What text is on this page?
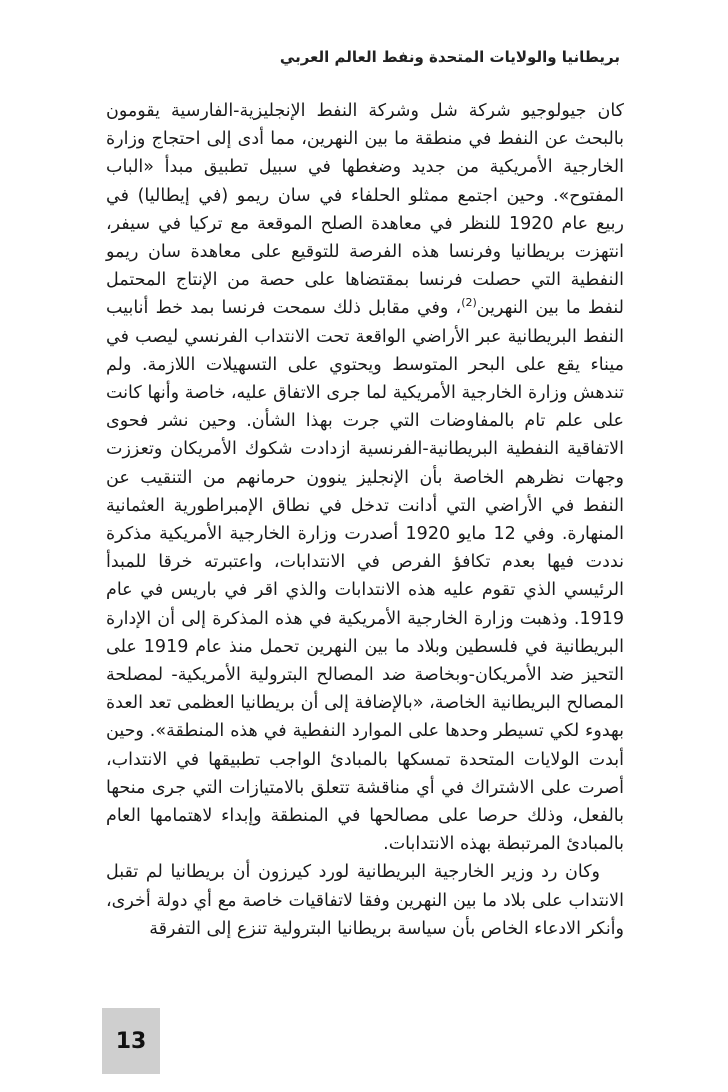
بريطانيا والولايات المتحدة ونفط العالم العربي

كان جيولوجيو شركة شل وشركة النفط الإنجليزية-الفارسية يقومون بالبحث عن النفط في منطقة ما بين النهرين، مما أدى إلى احتجاج وزارة الخارجية الأمريكية من جديد وضغطها في سبيل تطبيق مبدأ «الباب المفتوح». وحين اجتمع ممثلو الحلفاء في سان ريمو (في إيطاليا) في ربيع عام 1920 للنظر في معاهدة الصلح الموقعة مع تركيا في سيفر، انتهزت بريطانيا وفرنسا هذه الفرصة للتوقيع على معاهدة سان ريمو النفطية التي حصلت فرنسا بمقتضاها على حصة من الإنتاج المحتمل لنفط ما بين النهرين$^{(2)}$، وفي مقابل ذلك سمحت فرنسا بمد خط أنابيب النفط البريطانية عبر الأراضي الواقعة تحت الانتداب الفرنسي ليصب في ميناء يقع على البحر المتوسط ويحتوي على التسهيلات اللازمة. ولم تندهش وزارة الخارجية الأمريكية لما جرى الاتفاق عليه، خاصة وأنها كانت على علم تام بالمفاوضات التي جرت بهذا الشأن. وحين نشر فحوى الاتفاقية النفطية البريطانية-الفرنسية ازدادت شكوك الأمريكان وتعززت وجهات نظرهم الخاصة بأن الإنجليز ينوون حرمانهم من التنقيب عن النفط في الأراضي التي أدانت تدخل في نطاق الإمبراطورية العثمانية المنهارة. وفي 12 مايو 1920 أصدرت وزارة الخارجية الأمريكية مذكرة نددت فيها بعدم تكافؤ الفرص في الانتدابات، واعتبرته خرقا للمبدأ الرئيسي الذي تقوم عليه هذه الانتدابات والذي اقر في باريس في عام 1919. وذهبت وزارة الخارجية الأمريكية في هذه المذكرة إلى أن الإدارة البريطانية في فلسطين وبلاد ما بين النهرين تحمل منذ عام 1919 على التحيز ضد الأمريكان-وبخاصة ضد المصالح البترولية الأمريكية- لمصلحة المصالح البريطانية الخاصة، «بالإضافة إلى أن بريطانيا العظمى تعد العدة بهدوء لكي تسيطر وحدها على الموارد النفطية في هذه المنطقة». وحين أبدت الولايات المتحدة تمسكها بالمبادئ الواجب تطبيقها في الانتداب، أصرت على الاشتراك في أي مناقشة تتعلق بالامتيازات التي جرى منحها بالفعل، وذلك حرصا على مصالحها في المنطقة وإبداء لاهتمامها العام بالمبادئ المرتبطة بهذه الانتدابات.

وكان رد وزير الخارجية البريطانية لورد كيرزون أن بريطانيا لم تقبل الانتداب على بلاد ما بين النهرين وفقا لاتفاقيات خاصة مع أي دولة أخرى، وأنكر الادعاء الخاص بأن سياسة بريطانيا البترولية تنزع إلى التفرقة

13
